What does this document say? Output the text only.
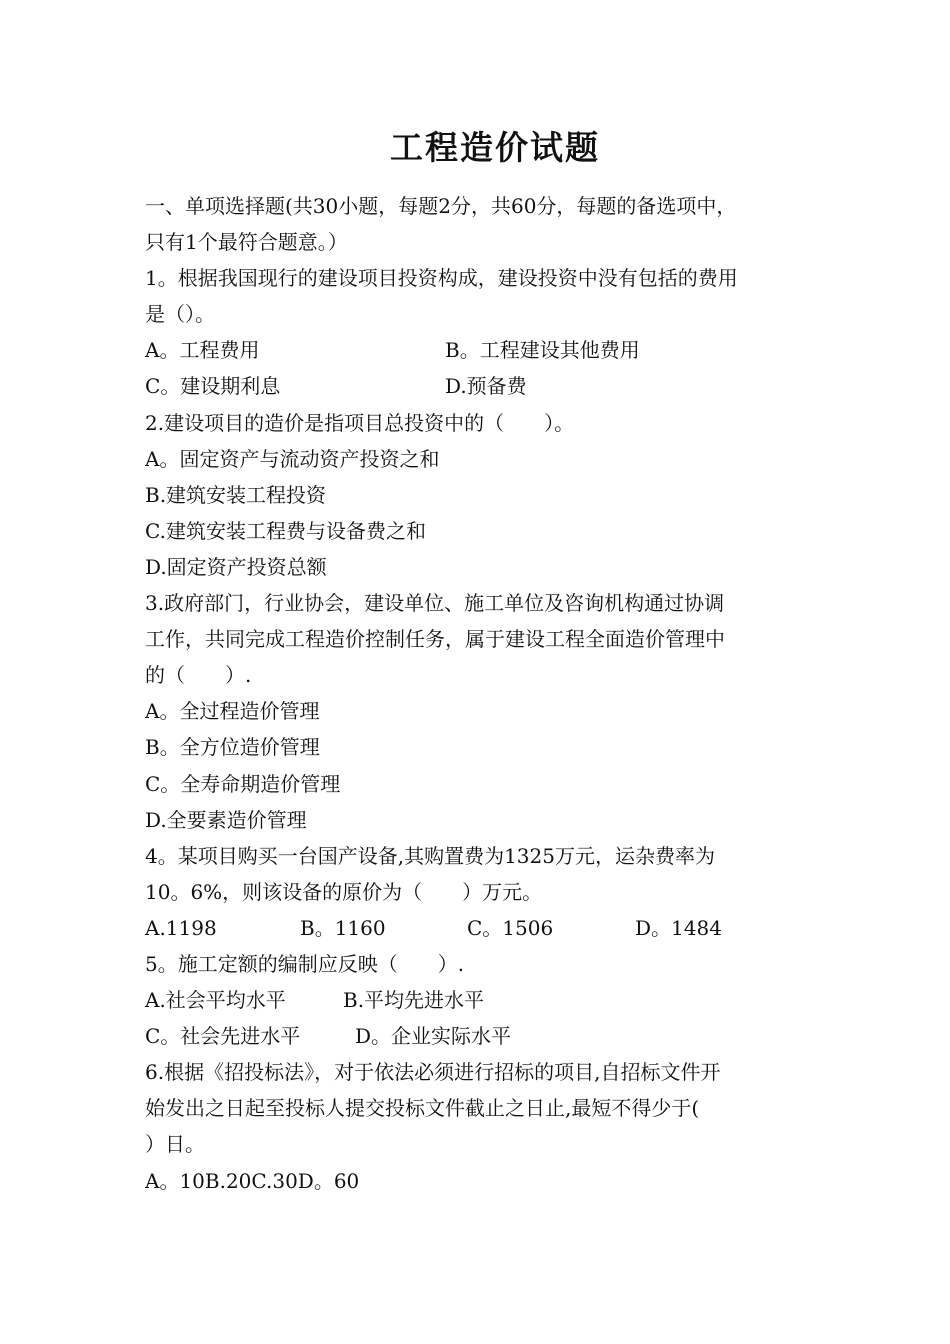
工程造价试题
一、单项选择题(共30小题，每题2分，共60分，每题的备选项中，
只有1个最符合题意。）
1。根据我国现行的建设项目投资构成，建设投资中没有包括的费用
是（）。
A。工程费用	B。工程建设其他费用
C。建设期利息	D.预备费
2.建设项目的造价是指项目总投资中的（　　）。
A。固定资产与流动资产投资之和
B.建筑安装工程投资
C.建筑安装工程费与设备费之和
D.固定资产投资总额
3.政府部门，行业协会，建设单位、施工单位及咨询机构通过协调
工作，共同完成工程造价控制任务，属于建设工程全面造价管理中
的（　　）.
A。全过程造价管理
B。全方位造价管理
C。全寿命期造价管理
D.全要素造价管理
4。某项目购买一台国产设备,其购置费为1325万元，运杂费率为
10。6%，则该设备的原价为（　　）万元。
A.1198	B。1160	C。1506	D。1484
5。施工定额的编制应反映（　　）.
A.社会平均水平	B.平均先进水平
C。社会先进水平	D。企业实际水平
6.根据《招投标法》，对于依法必须进行招标的项目,自招标文件开
始发出之日起至投标人提交投标文件截止之日止,最短不得少于(
）日。
A。10B.20C.30D。60
